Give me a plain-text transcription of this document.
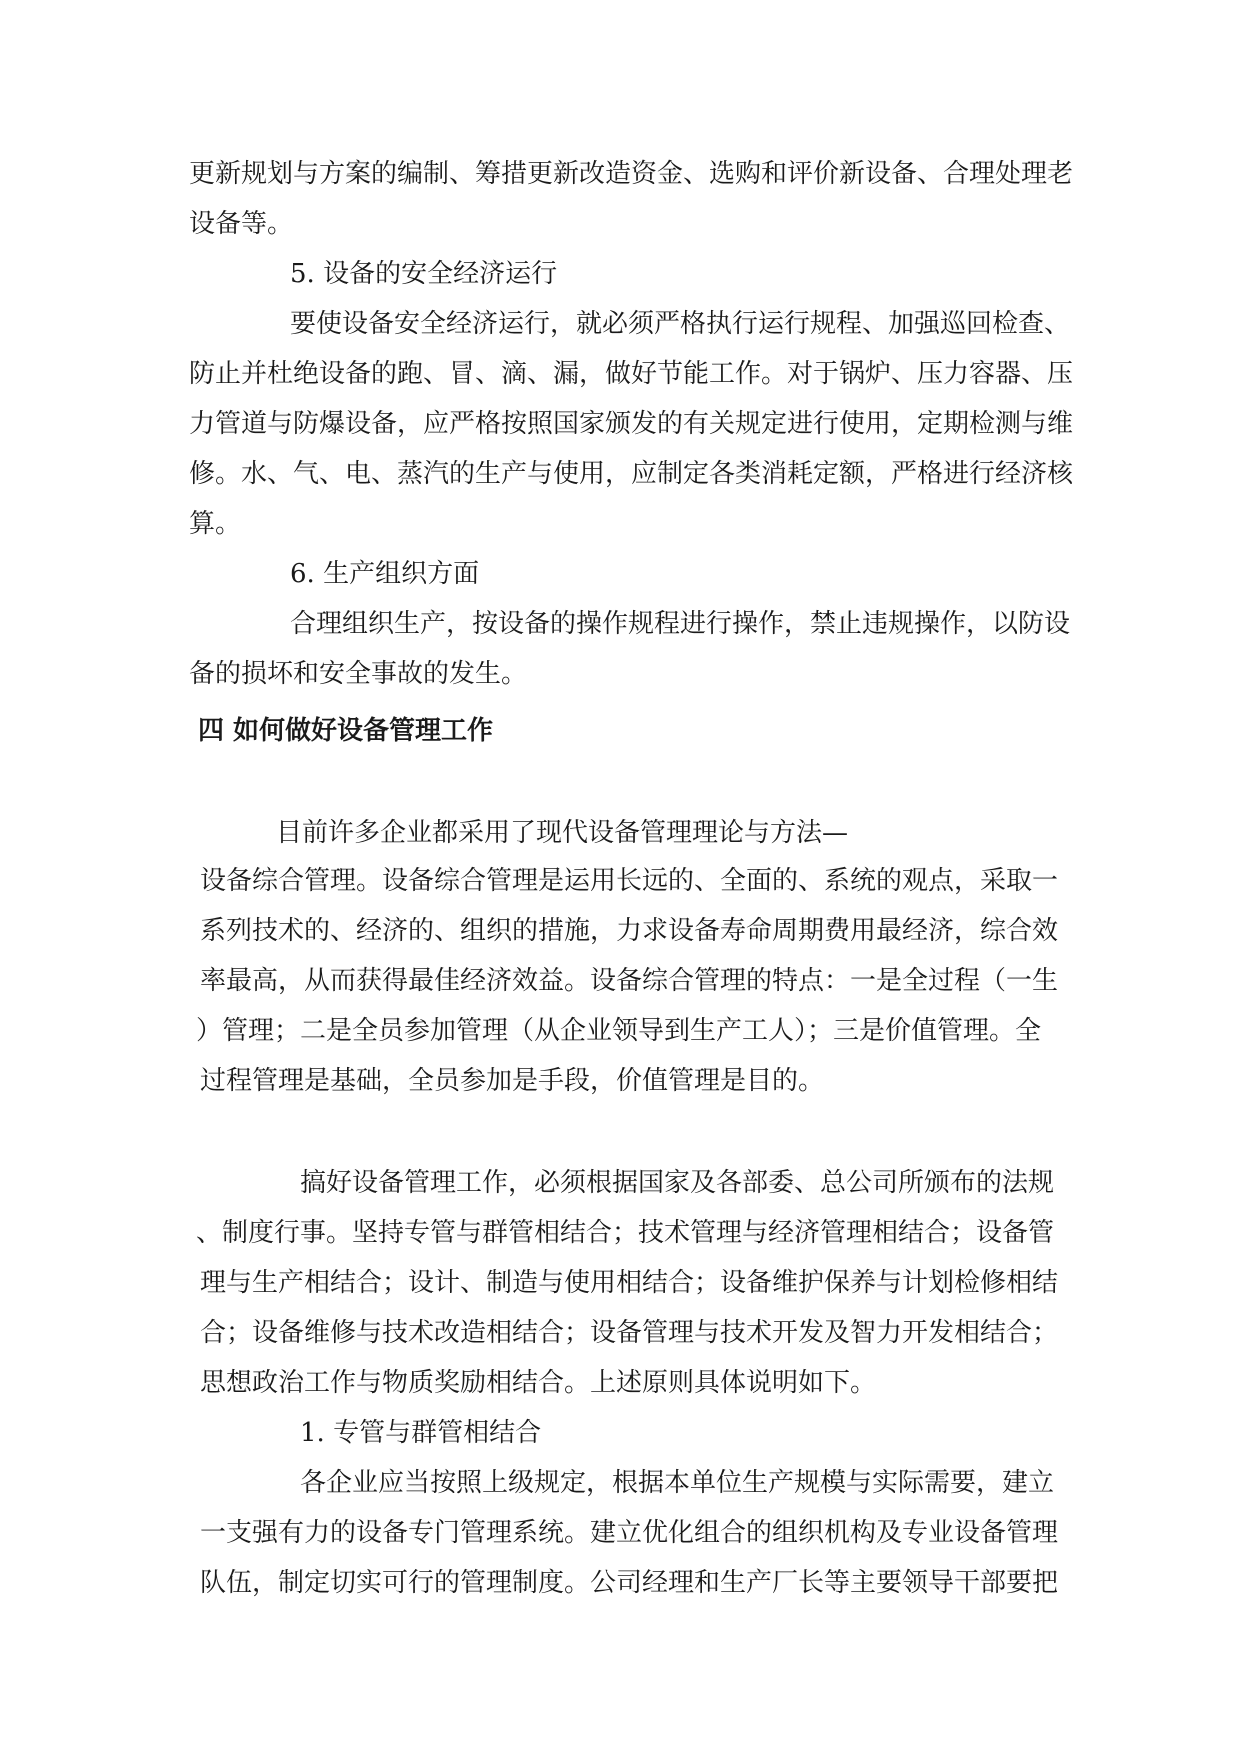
更新规划与方案的编制、筹措更新改造资金、选购和评价新设备、合理处理老
设备等。
5. 设备的安全经济运行
要使设备安全经济运行，就必须严格执行运行规程、加强巡回检查、
防止并杜绝设备的跑、冒、滴、漏，做好节能工作。对于锅炉、压力容器、压
力管道与防爆设备，应严格按照国家颁发的有关规定进行使用，定期检测与维
修。水、气、电、蒸汽的生产与使用，应制定各类消耗定额，严格进行经济核
算。
6. 生产组织方面
合理组织生产，按设备的操作规程进行操作，禁止违规操作，以防设
备的损坏和安全事故的发生。
四 如何做好设备管理工作
目前许多企业都采用了现代设备管理理论与方法—
设备综合管理。设备综合管理是运用长远的、全面的、系统的观点，采取一
系列技术的、经济的、组织的措施，力求设备寿命周期费用最经济，综合效
率最高，从而获得最佳经济效益。设备综合管理的特点：一是全过程（一生
）管理；二是全员参加管理（从企业领导到生产工人）；三是价值管理。全
过程管理是基础，全员参加是手段，价值管理是目的。
搞好设备管理工作，必须根据国家及各部委、总公司所颁布的法规
、制度行事。坚持专管与群管相结合；技术管理与经济管理相结合；设备管
理与生产相结合；设计、制造与使用相结合；设备维护保养与计划检修相结
合；设备维修与技术改造相结合；设备管理与技术开发及智力开发相结合；
思想政治工作与物质奖励相结合。上述原则具体说明如下。
1. 专管与群管相结合
各企业应当按照上级规定，根据本单位生产规模与实际需要，建立
一支强有力的设备专门管理系统。建立优化组合的组织机构及专业设备管理
队伍，制定切实可行的管理制度。公司经理和生产厂长等主要领导干部要把
